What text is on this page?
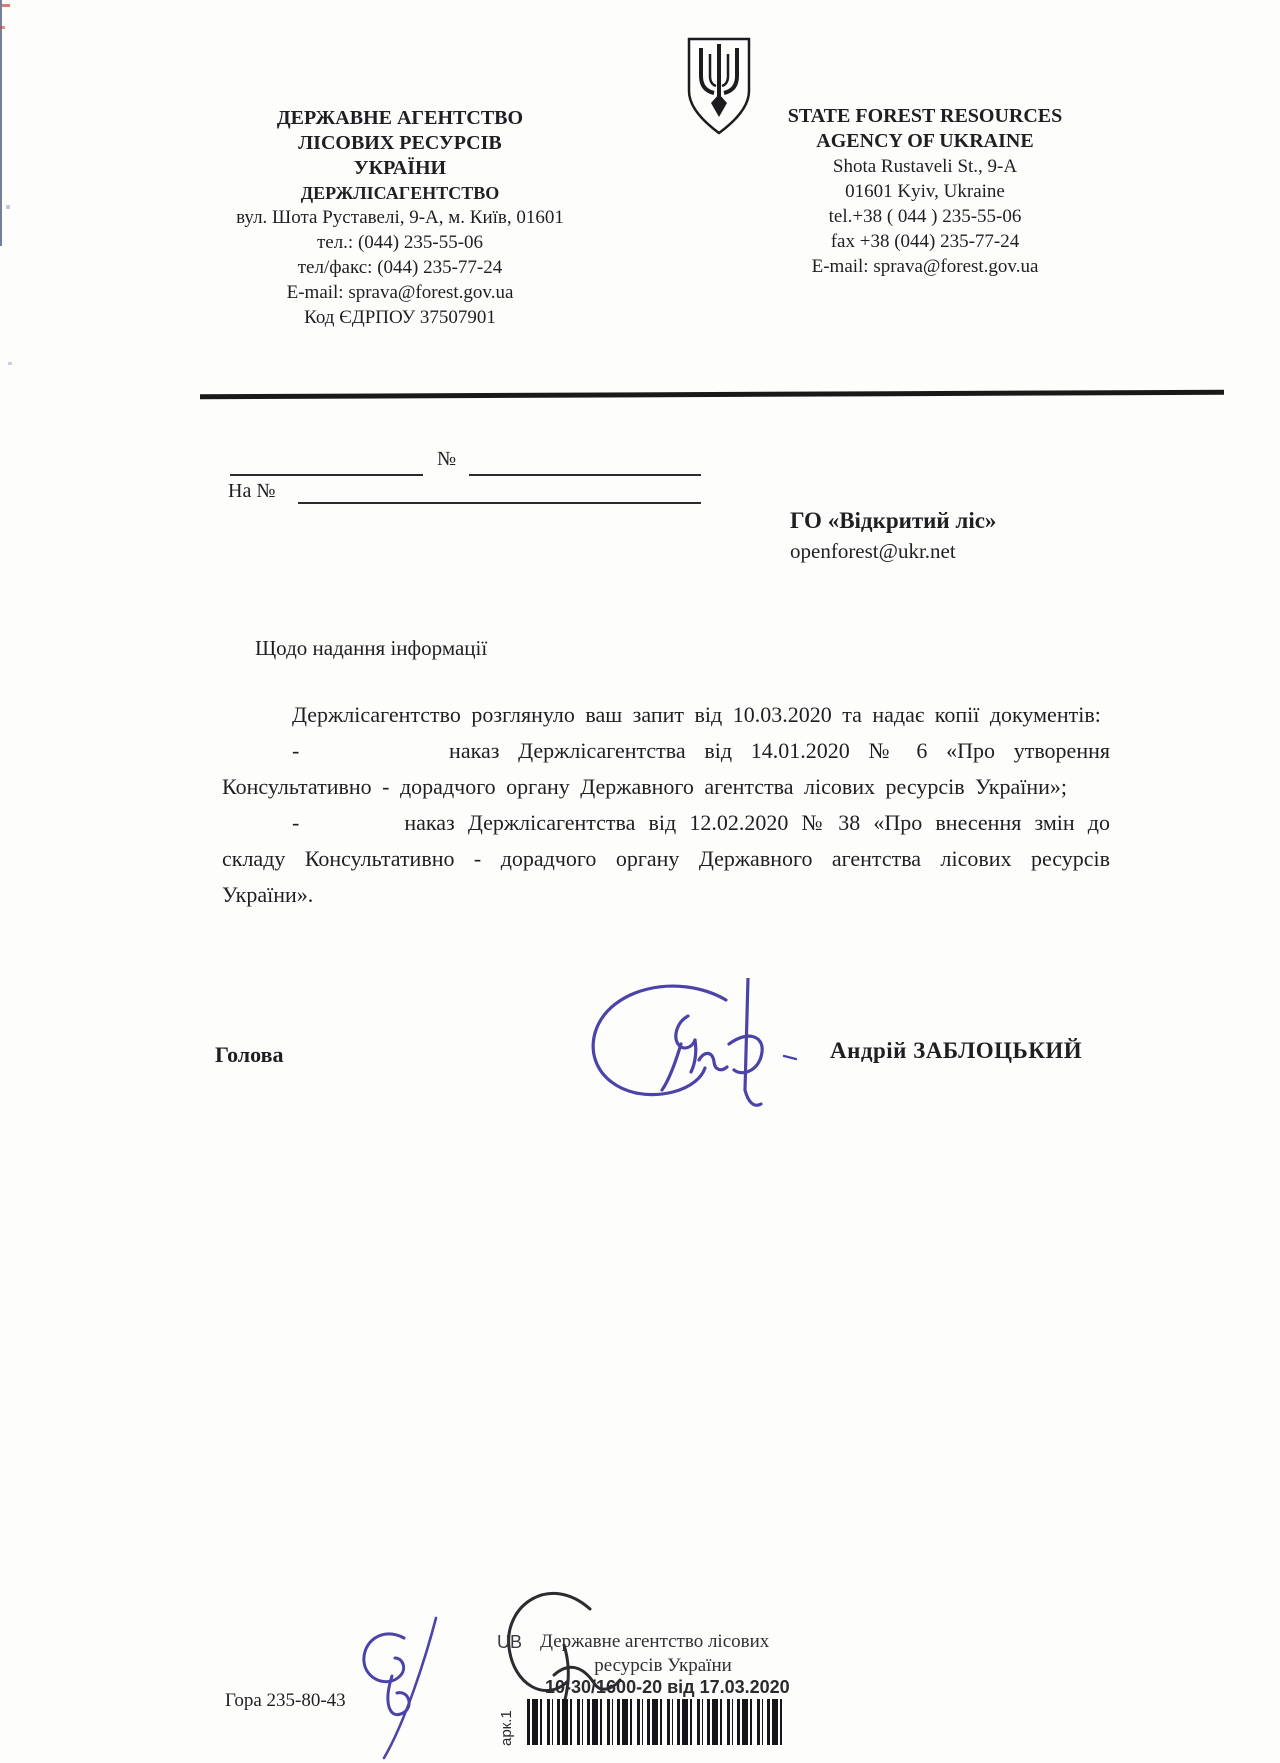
ДЕРЖАВНЕ АГЕНТСТВО
ЛІСОВИХ РЕСУРСІВ
УКРАЇНИ
ДЕРЖЛІСАГЕНТСТВО
вул. Шота Руставелі, 9-А, м. Київ, 01601
тел.: (044) 235-55-06
тел/факс: (044) 235-77-24
E-mail: sprava@forest.gov.ua
Код ЄДРПОУ 37507901
STATE FOREST RESOURCES
AGENCY OF UKRAINE
Shota Rustaveli St., 9-A
01601 Kyiv, Ukraine
tel.+38 ( 044 ) 235-55-06
fax +38 (044) 235-77-24
E-mail: sprava@forest.gov.ua
№
На №
ГО «Відкритий ліс»
openforest@ukr.net
Щодо надання інформації

Держлісагентство розглянуло ваш запит від 10.03.2020 та надає копії документів:

-        наказ Держлісагентства від 14.01.2020 № 6 «Про утворення Консультативно - дорадчого органу Державного агентства лісових ресурсів України»;

-        наказ Держлісагентства від 12.02.2020 № 38 «Про внесення змін до складу Консультативно - дорадчого органу Державного агентства лісових ресурсів України».

Голова	Андрій ЗАБЛОЦЬКИЙ
Гора 235-80-43
UB Державне агентство лісових
ресурсів України
10-30/1600-20 від 17.03.2020
арк.1
